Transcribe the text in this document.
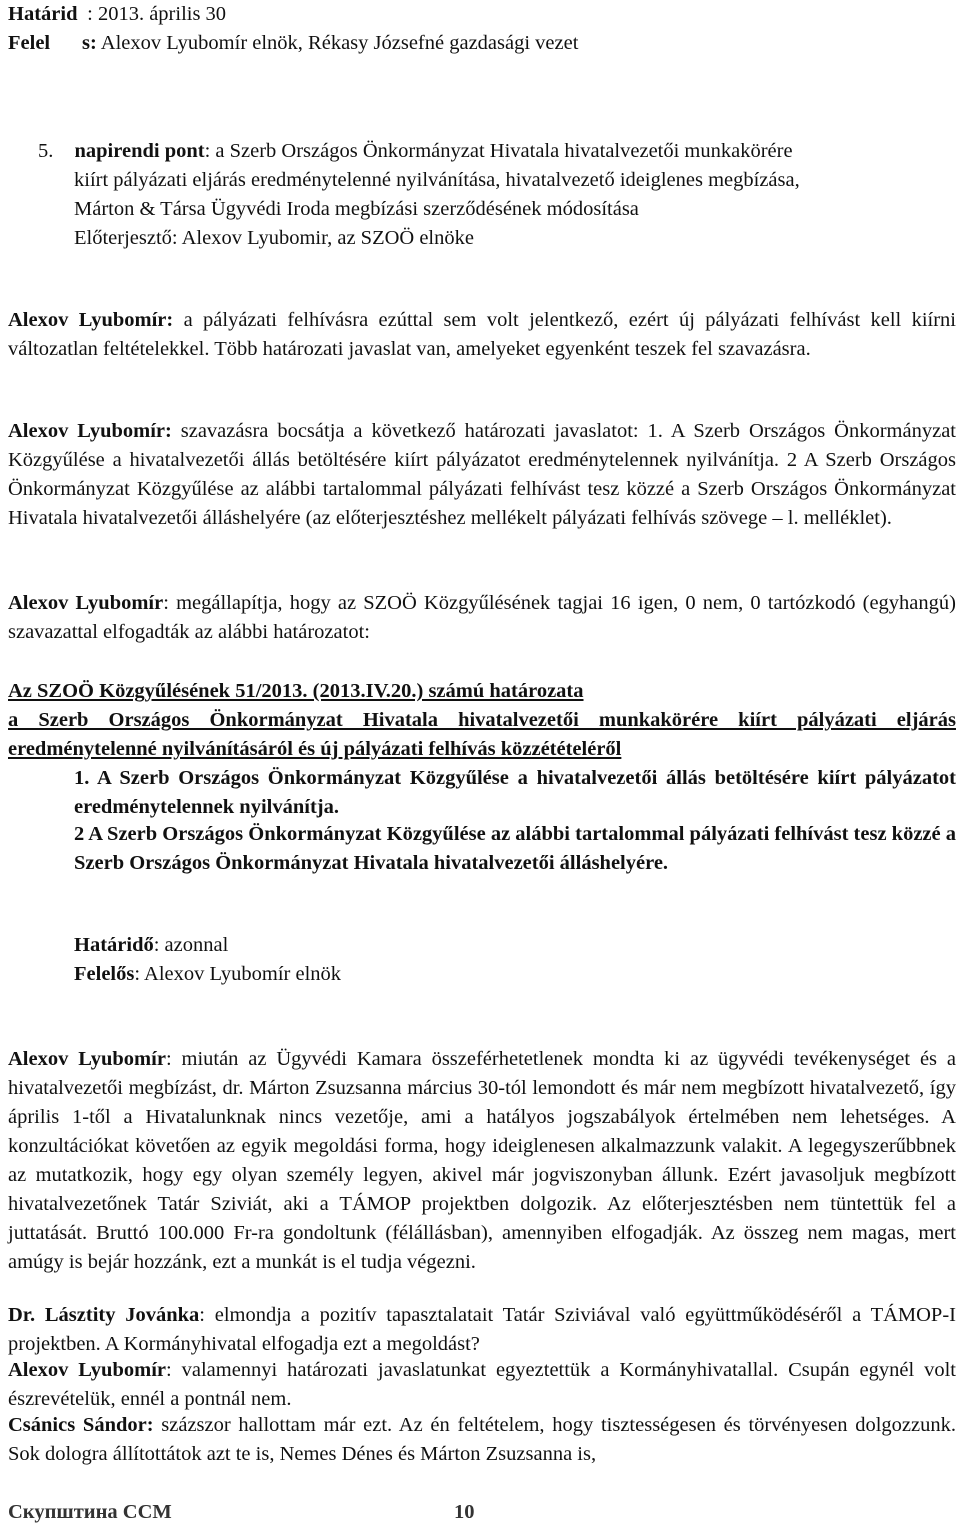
Határid : 2013. április 30
Felel s: Alexov Lyubomír elnök, Rékasy Józsefné gazdasági vezet
5. napirendi pont: a Szerb Országos Önkormányzat Hivatala hivatalvezetői munkakörére
kiírt pályázati eljárás eredménytelenné nyilvánítása, hivatalvezető ideiglenes megbízása,
Márton & Társa Ügyvédi Iroda megbízási szerződésének módosítása
Előterjesztő: Alexov Lyubomir, az SZOÖ elnöke

Alexov Lyubomír: a pályázati felhívásra ezúttal sem volt jelentkező, ezért új pályázati felhívást kell kiírni változatlan feltételekkel. Több határozati javaslat van, amelyeket egyenként teszek fel szavazásra.

Alexov Lyubomír: szavazásra bocsátja a következő határozati javaslatot: 1. A Szerb Országos Önkormányzat Közgyűlése a hivatalvezetői állás betöltésére kiírt pályázatot eredménytelennek nyilvánítja. 2 A Szerb Országos Önkormányzat Közgyűlése az alábbi tartalommal pályázati felhívást tesz közzé a Szerb Országos Önkormányzat Hivatala hivatalvezetői álláshelyére (az előterjesztéshez mellékelt pályázati felhívás szövege – l. melléklet).

Alexov Lyubomír: megállapítja, hogy az SZOÖ Közgyűlésének tagjai 16 igen, 0 nem, 0 tartózkodó (egyhangú) szavazattal elfogadták az alábbi határozatot:

Az SZOÖ Közgyűlésének 51/2013. (2013.IV.20.) számú határozata

a Szerb Országos Önkormányzat Hivatala hivatalvezetői munkakörére kiírt pályázati eljárás eredménytelenné nyilvánításáról és új pályázati felhívás közzétételéről

1. A Szerb Országos Önkormányzat Közgyűlése a hivatalvezetői állás betöltésére kiírt pályázatot eredménytelennek nyilvánítja.

2 A Szerb Országos Önkormányzat Közgyűlése az alábbi tartalommal pályázati felhívást tesz közzé a Szerb Országos Önkormányzat Hivatala hivatalvezetői álláshelyére.

Határidő: azonnal
Felelős: Alexov Lyubomír elnök

Alexov Lyubomír: miután az Ügyvédi Kamara összeférhetetlenek mondta ki az ügyvédi tevékenységet és a hivatalvezetői megbízást, dr. Márton Zsuzsanna március 30-tól lemondott és már nem megbízott hivatalvezető, így április 1-től a Hivatalunknak nincs vezetője, ami a hatályos jogszabályok értelmében nem lehetséges. A konzultációkat követően az egyik megoldási forma, hogy ideiglenesen alkalmazzunk valakit. A legegyszerűbbnek az mutatkozik, hogy egy olyan személy legyen, akivel már jogviszonyban állunk. Ezért javasoljuk megbízott hivatalvezetőnek Tatár Sziviát, aki a TÁMOP projektben dolgozik. Az előterjesztésben nem tüntettük fel a juttatását. Bruttó 100.000 Fr-ra gondoltunk (félállásban), amennyiben elfogadják. Az összeg nem magas, mert amúgy is bejár hozzánk, ezt a munkát is el tudja végezni.

Dr. Lásztity Jovánka: elmondja a pozitív tapasztalatait Tatár Sziviával való együttműködéséről a TÁMOP-I projektben. A Kormányhivatal elfogadja ezt a megoldást?

Alexov Lyubomír: valamennyi határozati javaslatunkat egyeztettük a Kormányhivatallal. Csupán egynél volt észrevételük, ennél a pontnál nem.

Csánics Sándor: százszor hallottam már ezt. Az én feltételem, hogy tisztességesen és törvényesen dolgozzunk. Sok dologra állítottátok azt te is, Nemes Dénes és Márton Zsuzsanna is,

Скупштина ССМ	10
